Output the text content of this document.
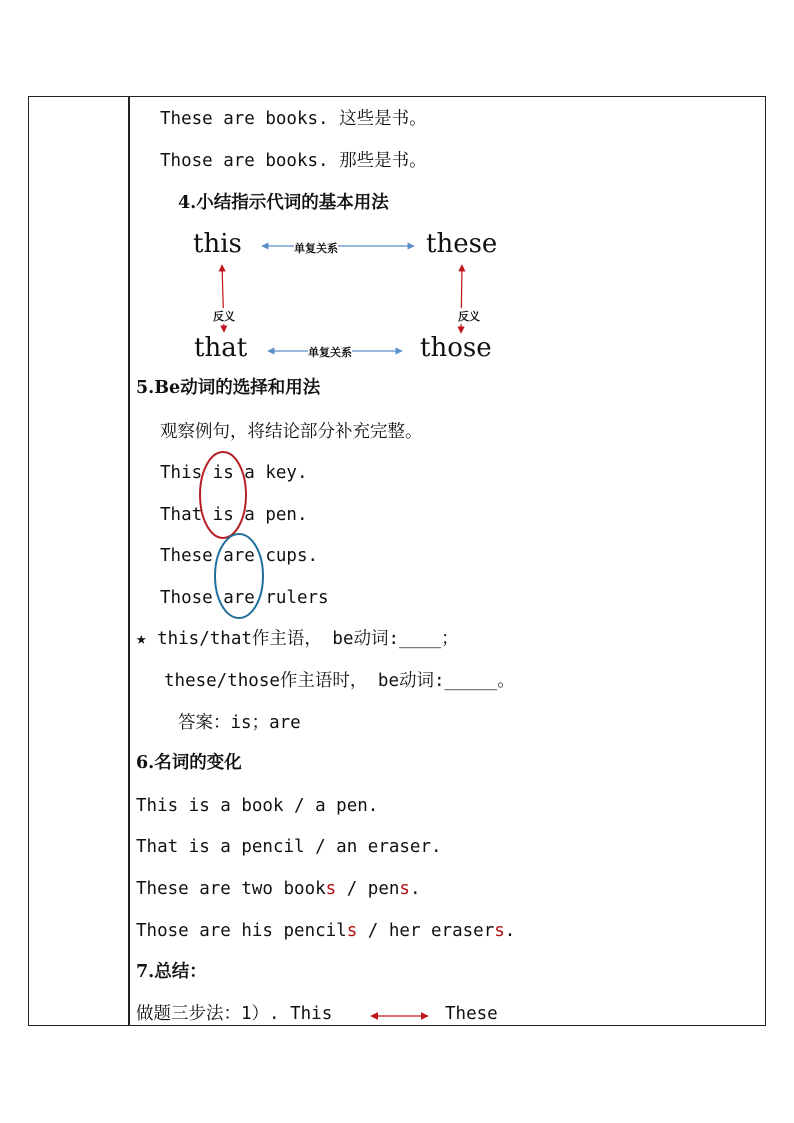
These are books. 这些是书。
Those are books. 那些是书。
4.小结指示代词的基本用法
this	these
that	those
单复关系
单复关系
反义	反义
5.Be动词的选择和用法
观察例句，将结论部分补充完整。
This is a key.
That is a pen.
These are cups.
Those are rulers
★ this/that作主语， be动词:____；
these/those作主语时， be动词:_____。
答案：is；are
6.名词的变化
This is a book / a pen.
That is a pencil / an eraser.
These are two books / pens.
Those are his pencils / her erasers.
7.总结：
做题三步法：1）. This	These
